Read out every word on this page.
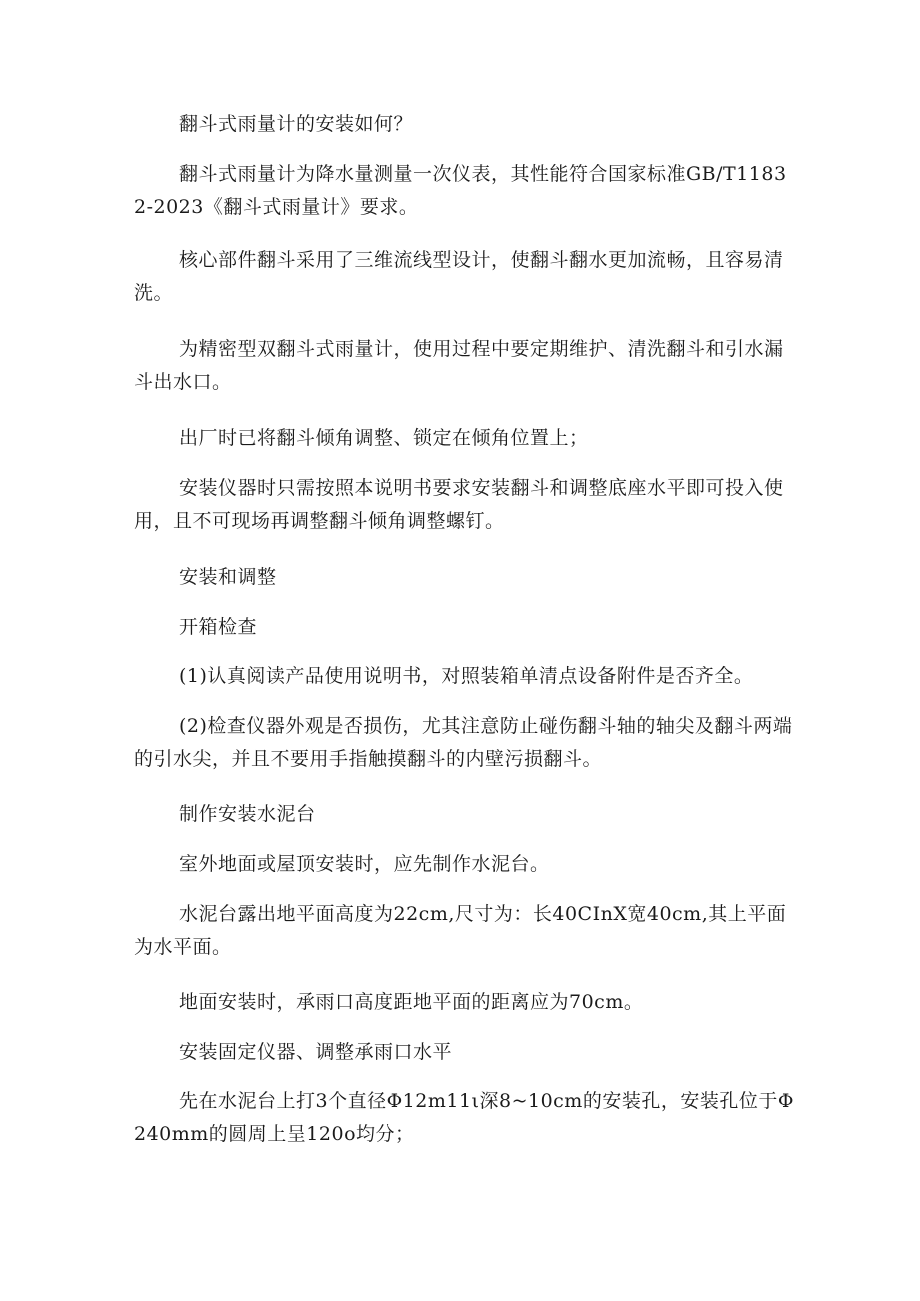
翻斗式雨量计的安装如何？

翻斗式雨量计为降水量测量一次仪表，其性能符合国家标准GB/T11832-2023《翻斗式雨量计》要求。

核心部件翻斗采用了三维流线型设计，使翻斗翻水更加流畅，且容易清洗。

为精密型双翻斗式雨量计，使用过程中要定期维护、清洗翻斗和引水漏斗出水口。

出厂时已将翻斗倾角调整、锁定在倾角位置上；

安装仪器时只需按照本说明书要求安装翻斗和调整底座水平即可投入使用，且不可现场再调整翻斗倾角调整螺钉。

安装和调整

开箱检查

(1)认真阅读产品使用说明书，对照装箱单清点设备附件是否齐全。

(2)检查仪器外观是否损伤，尤其注意防止碰伤翻斗轴的轴尖及翻斗两端的引水尖，并且不要用手指触摸翻斗的内壁污损翻斗。

制作安装水泥台

室外地面或屋顶安装时，应先制作水泥台。

水泥台露出地平面高度为22cm,尺寸为：长40CInX宽40cm,其上平面为水平面。

地面安装时，承雨口高度距地平面的距离应为70cm。

安装固定仪器、调整承雨口水平

先在水泥台上打3个直径Φ12m11ι深8~10cm的安装孔，安装孔位于Φ240mm的圆周上呈120o均分；
